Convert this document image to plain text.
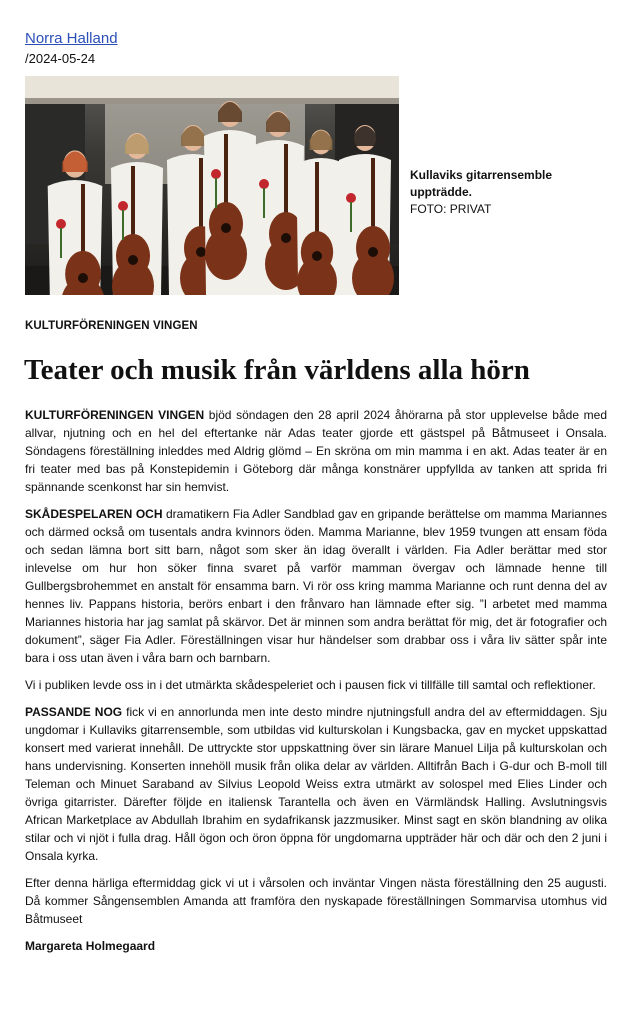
Norra Halland
/2024-05-24
Kullaviks gitarrensemble uppträdde.
FOTO: PRIVAT
KULTURFÖRENINGEN VINGEN
Teater och musik från världens alla hörn

KULTURFÖRENINGEN VINGEN bjöd söndagen den 28 april 2024 åhörarna på stor upplevelse både med allvar, njutning och en hel del eftertanke när Adas teater gjorde ett gästspel på Båtmuseet i Onsala. Söndagens föreställning inleddes med Aldrig glömd – En skröna om min mamma i en akt. Adas teater är en fri teater med bas på Konstepidemin i Göteborg där många konstnärer uppfyllda av tanken att sprida fri spännande scenkonst har sin hemvist.

SKÅDESPELAREN OCH dramatikern Fia Adler Sandblad gav en gripande berättelse om mamma Mariannes och därmed också om tusentals andra kvinnors öden. Mamma Marianne, blev 1959 tvungen att ensam föda och sedan lämna bort sitt barn, något som sker än idag överallt i världen. Fia Adler berättar med stor inlevelse om hur hon söker finna svaret på varför mamman övergav och lämnade henne till Gullbergsbrohemmet en anstalt för ensamma barn. Vi rör oss kring mamma Marianne och runt denna del av hennes liv. Pappans historia, berörs enbart i den frånvaro han lämnade efter sig. ”I arbetet med mamma Mariannes historia har jag samlat på skärvor. Det är minnen som andra berättat för mig, det är fotografier och dokument”, säger Fia Adler. Föreställningen visar hur händelser som drabbar oss i våra liv sätter spår inte bara i oss utan även i våra barn och barnbarn.

Vi i publiken levde oss in i det utmärkta skådespeleriet och i pausen fick vi tillfälle till samtal och reflektioner.

PASSANDE NOG fick vi en annorlunda men inte desto mindre njutningsfull andra del av eftermiddagen. Sju ungdomar i Kullaviks gitarrensemble, som utbildas vid kulturskolan i Kungsbacka, gav en mycket uppskattad konsert med varierat innehåll. De uttryckte stor uppskattning över sin lärare Manuel Lilja på kulturskolan och hans undervisning. Konserten innehöll musik från olika delar av världen. Alltifrån Bach i G-dur och B-moll till Teleman och Minuet Saraband av Silvius Leopold Weiss extra utmärkt av solospel med Elies Linder och övriga gitarrister. Därefter följde en italiensk Tarantella och även en Värmländsk Halling. Avslutningsvis African Marketplace av Abdullah Ibrahim en sydafrikansk jazzmusiker. Minst sagt en skön blandning av olika stilar och vi njöt i fulla drag. Håll ögon och öron öppna för ungdomarna uppträder här och där och den 2 juni i Onsala kyrka.

Efter denna härliga eftermiddag gick vi ut i vårsolen och inväntar Vingen nästa föreställning den 25 augusti. Då kommer Sångensemblen Amanda att framföra den nyskapade föreställningen Sommarvisa utomhus vid Båtmuseet

Margareta Holmegaard
